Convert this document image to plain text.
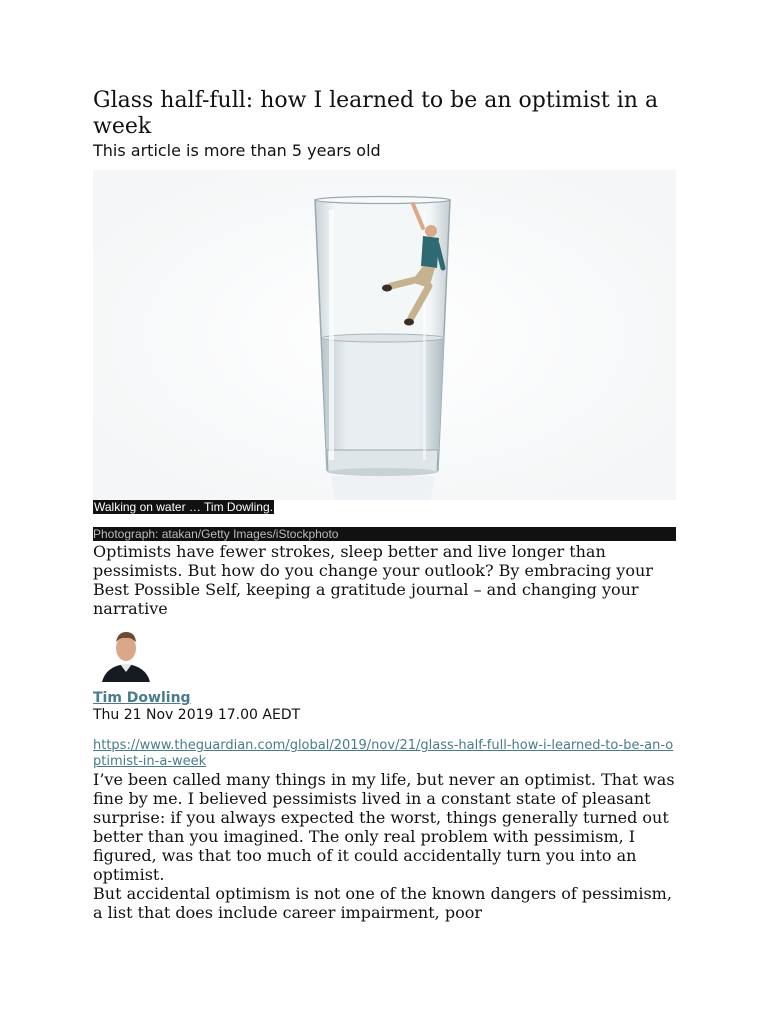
Glass half-full: how I learned to be an optimist in a week

This article is more than 5 years old

Walking on water … Tim Dowling.
Photograph: atakan/Getty Images/iStockphoto

Optimists have fewer strokes, sleep better and live longer than pessimists. But how do you change your outlook? By embracing your Best Possible Self, keeping a gratitude journal – and changing your narrative

Tim Dowling
Thu 21 Nov 2019 17.00 AEDT
https://www.theguardian.com/global/2019/nov/21/glass-half-full-how-i-learned-to-be-an-optimist-in-a-week

I’ve been called many things in my life, but never an optimist. That was fine by me. I believed pessimists lived in a constant state of pleasant surprise: if you always expected the worst, things generally turned out better than you imagined. The only real problem with pessimism, I figured, was that too much of it could accidentally turn you into an optimist.

But accidental optimism is not one of the known dangers of pessimism, a list that does include career impairment, poor
